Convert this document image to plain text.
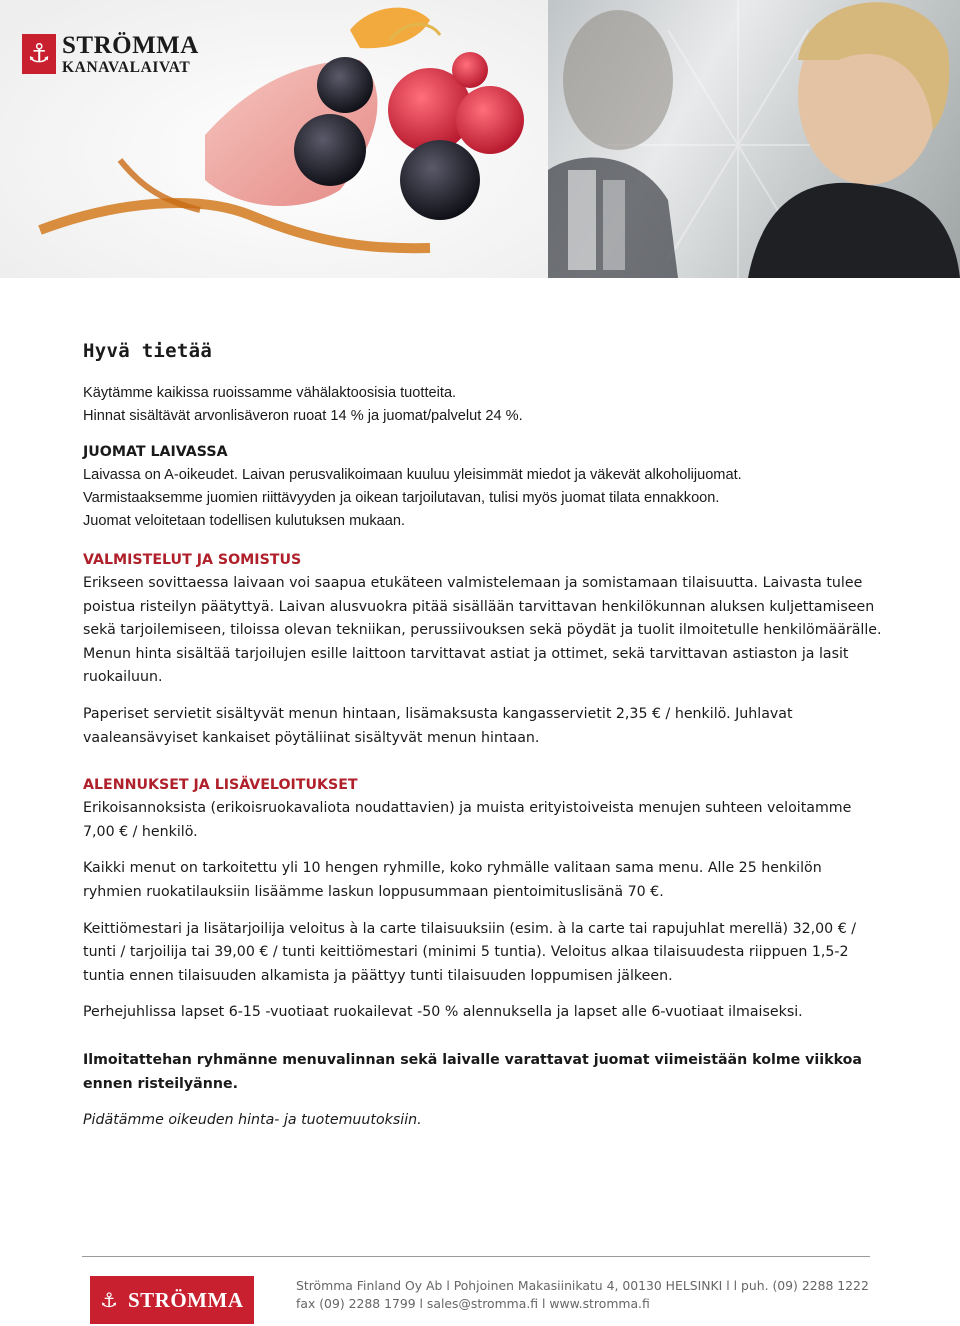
⚓ STRÖMMA
KANAVALAIVAT
Hyvä tietää

Käytämme kaikissa ruoissamme vähälaktoosisia tuotteita.

Hinnat sisältävät arvonlisäveron ruoat 14 % ja juomat/palvelut 24 %.

JUOMAT LAIVASSA

Laivassa on A-oikeudet. Laivan perusvalikoimaan kuuluu yleisimmät miedot ja väkevät alkoholijuomat.

Varmistaaksemme juomien riittävyyden ja oikean tarjoilutavan, tulisi myös juomat tilata ennakkoon.

Juomat veloitetaan todellisen kulutuksen mukaan.

VALMISTELUT JA SOMISTUS

Erikseen sovittaessa laivaan voi saapua etukäteen valmistelemaan ja somistamaan tilaisuutta. Laivasta tulee poistua risteilyn päätyttyä. Laivan alusvuokra pitää sisällään tarvittavan henkilökunnan aluksen kuljettamiseen sekä tarjoilemiseen, tiloissa olevan tekniikan, perussiivouksen sekä pöydät ja tuolit ilmoitetulle henkilömäärälle. Menun hinta sisältää tarjoilujen esille laittoon tarvittavat astiat ja ottimet, sekä tarvittavan astiaston ja lasit ruokailuun.

Paperiset servietit sisältyvät menun hintaan, lisämaksusta kangasservietit 2,35 € / henkilö. Juhlavat vaaleansävyiset kankaiset pöytäliinat sisältyvät menun hintaan.

ALENNUKSET JA LISÄVELOITUKSET

Erikoisannoksista (erikoisruokavaliota noudattavien) ja muista erityistoiveista menujen suhteen veloitamme 7,00 € / henkilö.

Kaikki menut on tarkoitettu yli 10 hengen ryhmille, koko ryhmälle valitaan sama menu. Alle 25 henkilön ryhmien ruokatilauksiin lisäämme laskun loppusummaan pientoimituslisänä 70 €.

Keittiömestari ja lisätarjoilija veloitus à la carte tilaisuuksiin (esim. à la carte tai rapujuhlat merellä) 32,00 € / tunti / tarjoilija tai 39,00 € / tunti keittiömestari (minimi 5 tuntia). Veloitus alkaa tilaisuudesta riippuen 1,5-2 tuntia ennen tilaisuuden alkamista ja päättyy tunti tilaisuuden loppumisen jälkeen.

Perhejuhlissa lapset 6-15 -vuotiaat ruokailevat -50 % alennuksella ja lapset alle 6-vuotiaat ilmaiseksi.

Ilmoitattehan ryhmänne menuvalinnan sekä laivalle varattavat juomat viimeistään kolme viikkoa ennen risteilyänne.

Pidätämme oikeuden hinta- ja tuotemuutoksiin.

⚓ STRÖMMA
Strömma Finland Oy Ab l Pohjoinen Makasiinikatu 4, 00130 HELSINKI l l puh. (09) 2288 1222
fax (09) 2288 1799 l sales@stromma.fi l www.stromma.fi
